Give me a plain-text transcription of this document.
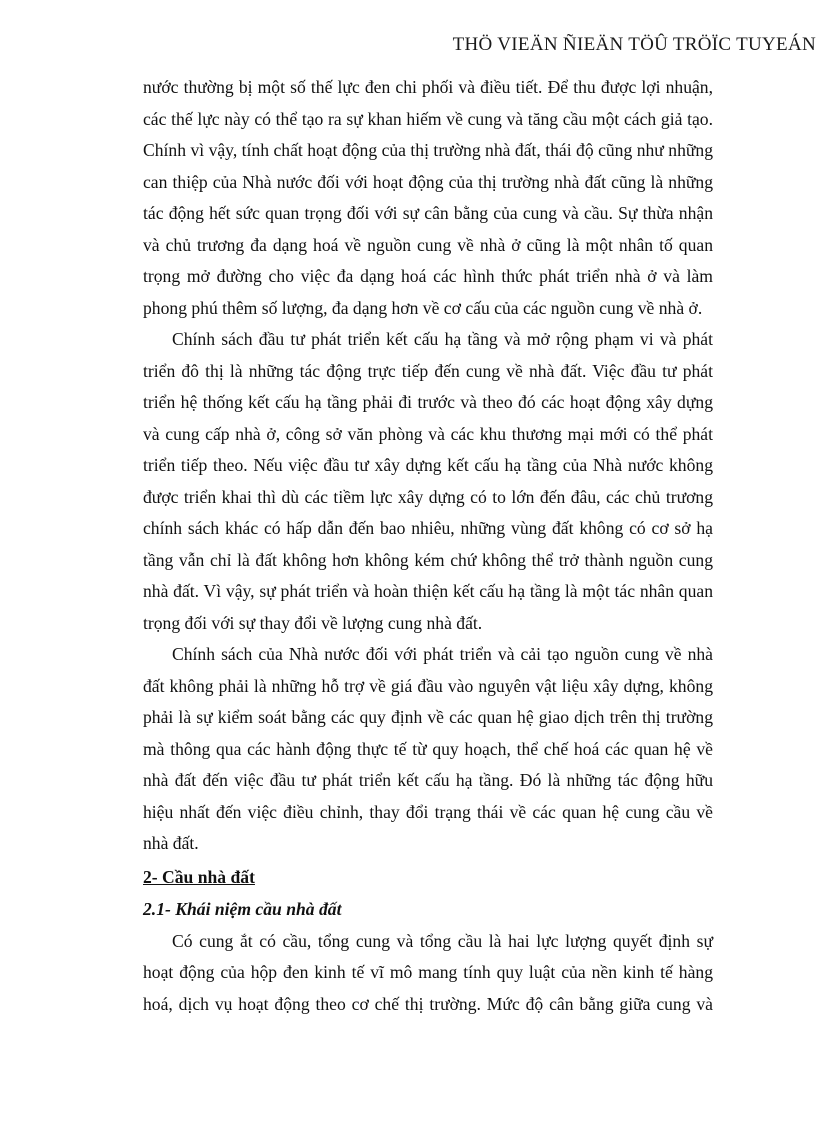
THÖ VIEÄN ÑIEÄN TÖÛ TRÖÏC TUYEÁN
nước thường bị một số thế lực đen chi phối và điều tiết. Để thu được lợi nhuận,
các thế lực này có thể tạo ra sự khan hiếm về cung và tăng cầu một cách giả tạo.
Chính vì vậy, tính chất hoạt động của thị trường nhà đất, thái độ cũng như những
can thiệp của Nhà nước đối với hoạt động của thị trường nhà đất cũng là những
tác động hết sức quan trọng đối với sự cân bằng của cung và cầu. Sự thừa nhận
và chủ trương đa dạng hoá về nguồn cung về nhà ở cũng là một nhân tố quan
trọng mở đường cho việc đa dạng hoá các hình thức phát triển nhà ở và làm
phong phú thêm số lượng, đa dạng hơn về cơ cấu của các nguồn cung về nhà ở.
Chính sách đầu tư phát triển kết cấu hạ tầng và mở rộng phạm vi và phát
triển đô thị là những tác động trực tiếp đến cung về nhà đất. Việc đầu tư phát
triển hệ thống kết cấu hạ tầng phải đi trước và theo đó các hoạt động xây dựng
và cung cấp nhà ở, công sở văn phòng và các khu thương mại mới có thể phát
triển tiếp theo. Nếu việc đầu tư xây dựng kết cấu hạ tầng của Nhà nước không
được triển khai thì dù các tiềm lực xây dựng có to lớn đến đâu, các chủ trương
chính sách khác có hấp dẫn đến bao nhiêu, những vùng đất không có cơ sở hạ
tầng vẫn chỉ là đất không hơn không kém chứ không thể trở thành nguồn cung
nhà đất. Vì vậy, sự phát triển và hoàn thiện kết cấu hạ tầng là một tác nhân quan
trọng đối với sự thay đổi về lượng cung nhà đất.
Chính sách của Nhà nước đối với phát triển và cải tạo nguồn cung về nhà
đất không phải là những hỗ trợ về giá đầu vào nguyên vật liệu xây dựng, không
phải là sự kiểm soát bằng các quy định về các quan hệ giao dịch trên thị trường
mà thông qua các hành động thực tế từ quy hoạch, thể chế hoá các quan hệ về
nhà đất đến việc đầu tư phát triển kết cấu hạ tầng. Đó là những tác động hữu
hiệu nhất đến việc điều chỉnh, thay đổi trạng thái về các quan hệ cung cầu về
nhà đất.
2- Cầu nhà đất
2.1- Khái niệm cầu nhà đất
Có cung ắt có cầu, tổng cung và tổng cầu là hai lực lượng quyết định sự
hoạt động của hộp đen kinh tế vĩ mô mang tính quy luật của nền kinh tế hàng
hoá, dịch vụ hoạt động theo cơ chế thị trường. Mức độ cân bằng giữa cung và
